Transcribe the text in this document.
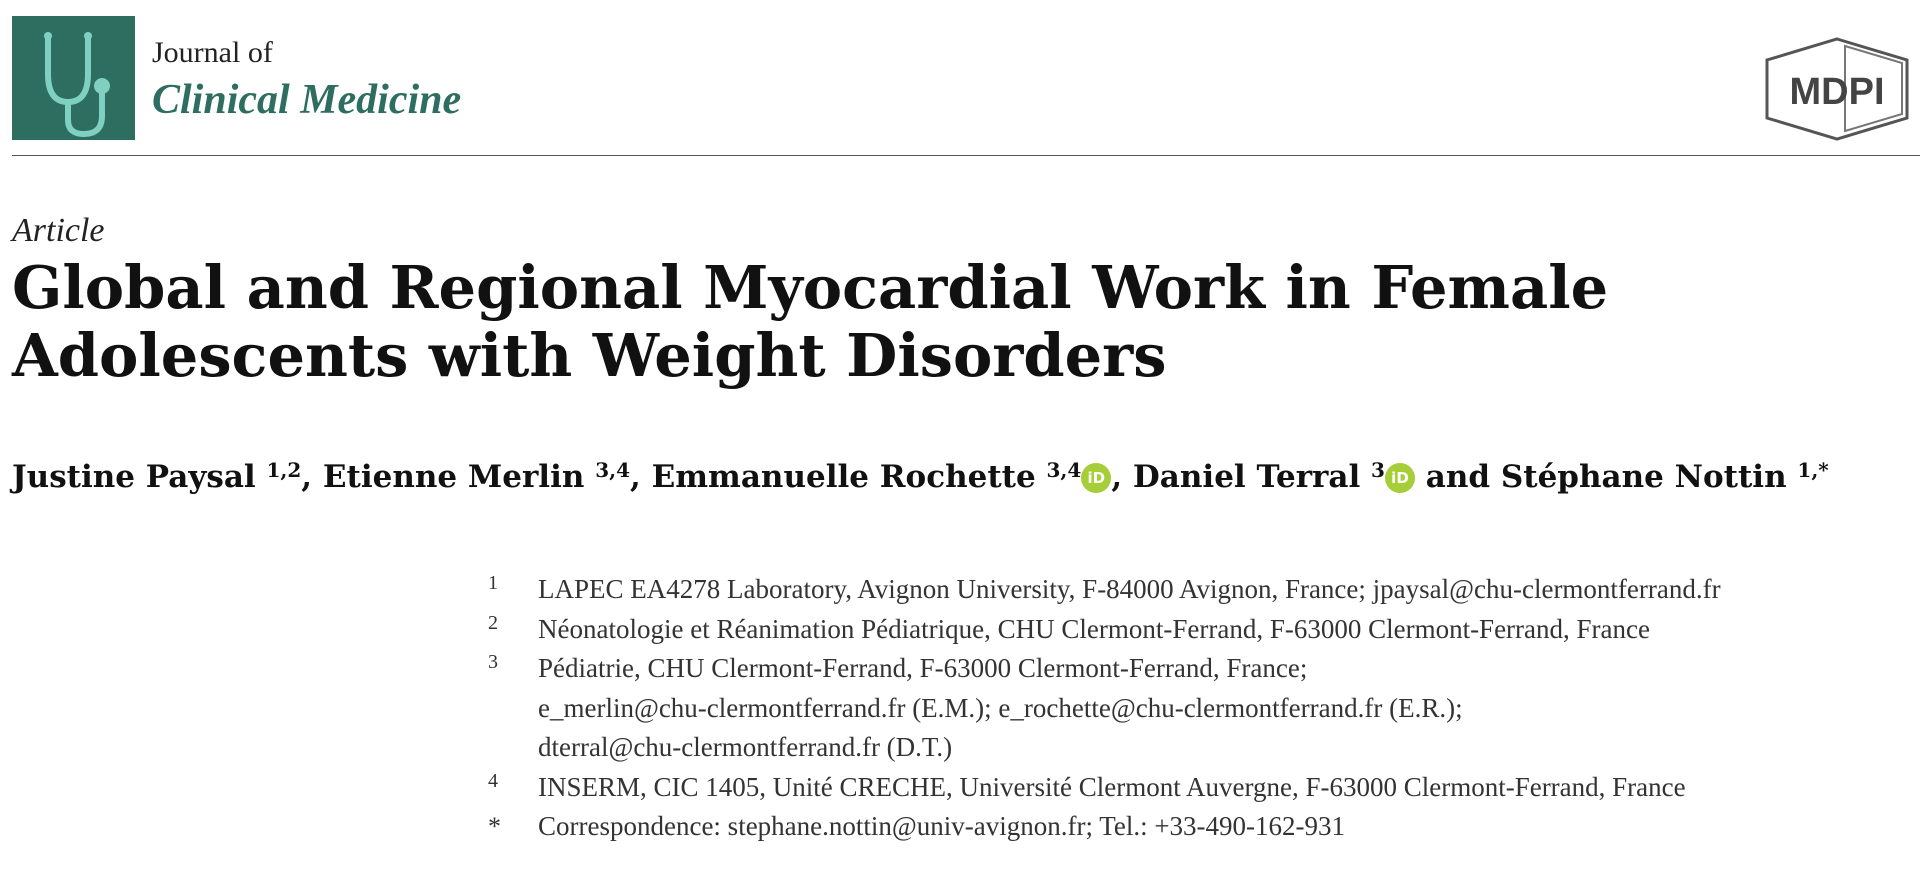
Journal of
Clinical Medicine	MDPI
Article
Global and Regional Myocardial Work in Female Adolescents with Weight Disorders
Justine Paysal $^{1,2}$, Etienne Merlin $^{3,4}$, Emmanuelle Rochette $^{3,4}$ iD , Daniel Terral $^3$ iD and Stéphane Nottin $^{1,*}$
1 LAPEC EA4278 Laboratory, Avignon University, F-84000 Avignon, France; jpaysal@chu-clermontferrand.fr
2 Néonatologie et Réanimation Pédiatrique, CHU Clermont-Ferrand, F-63000 Clermont-Ferrand, France
3 Pédiatrie, CHU Clermont-Ferrand, F-63000 Clermont-Ferrand, France;
e_merlin@chu-clermontferrand.fr (E.M.); e_rochette@chu-clermontferrand.fr (E.R.);
dterral@chu-clermontferrand.fr (D.T.)
4 INSERM, CIC 1405, Unité CRECHE, Université Clermont Auvergne, F-63000 Clermont-Ferrand, France
* Correspondence: stephane.nottin@univ-avignon.fr; Tel.: +33-490-162-931
